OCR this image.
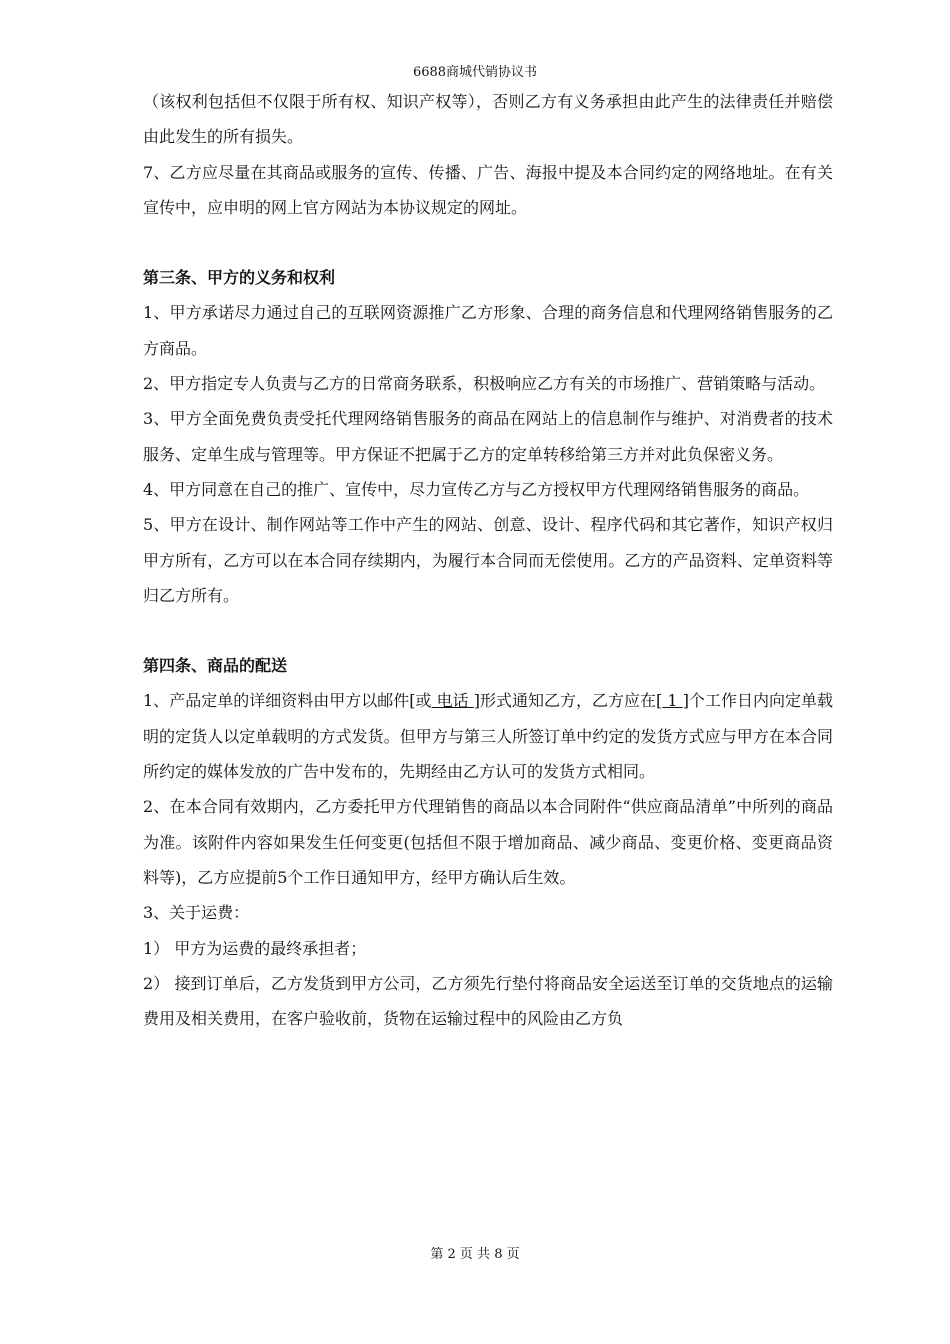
6688商城代销协议书

（该权利包括但不仅限于所有权、知识产权等），否则乙方有义务承担由此产生的法律责任并赔偿由此发生的所有损失。

7、乙方应尽量在其商品或服务的宣传、传播、广告、海报中提及本合同约定的网络地址。在有关宣传中，应申明的网上官方网站为本协议规定的网址。

第三条、甲方的义务和权利

1、甲方承诺尽力通过自己的互联网资源推广乙方形象、合理的商务信息和代理网络销售服务的乙方商品。

2、甲方指定专人负责与乙方的日常商务联系，积极响应乙方有关的市场推广、营销策略与活动。

3、甲方全面免费负责受托代理网络销售服务的商品在网站上的信息制作与维护、对消费者的技术服务、定单生成与管理等。甲方保证不把属于乙方的定单转移给第三方并对此负保密义务。

4、甲方同意在自己的推广、宣传中，尽力宣传乙方与乙方授权甲方代理网络销售服务的商品。

5、甲方在设计、制作网站等工作中产生的网站、创意、设计、程序代码和其它著作，知识产权归甲方所有，乙方可以在本合同存续期内，为履行本合同而无偿使用。乙方的产品资料、定单资料等归乙方所有。

第四条、商品的配送

1、产品定单的详细资料由甲方以邮件[或 电话 ]形式通知乙方，乙方应在[ 1 ]个工作日内向定单载明的定货人以定单载明的方式发货。但甲方与第三人所签订单中约定的发货方式应与甲方在本合同所约定的媒体发放的广告中发布的，先期经由乙方认可的发货方式相同。

2、在本合同有效期内，乙方委托甲方代理销售的商品以本合同附件“供应商品清单”中所列的商品为准。该附件内容如果发生任何变更(包括但不限于增加商品、减少商品、变更价格、变更商品资料等)，乙方应提前5个工作日通知甲方，经甲方确认后生效。

3、关于运费：

1） 甲方为运费的最终承担者；

2） 接到订单后，乙方发货到甲方公司，乙方须先行垫付将商品安全运送至订单的交货地点的运输费用及相关费用，在客户验收前，货物在运输过程中的风险由乙方负

第 2 页 共 8 页
